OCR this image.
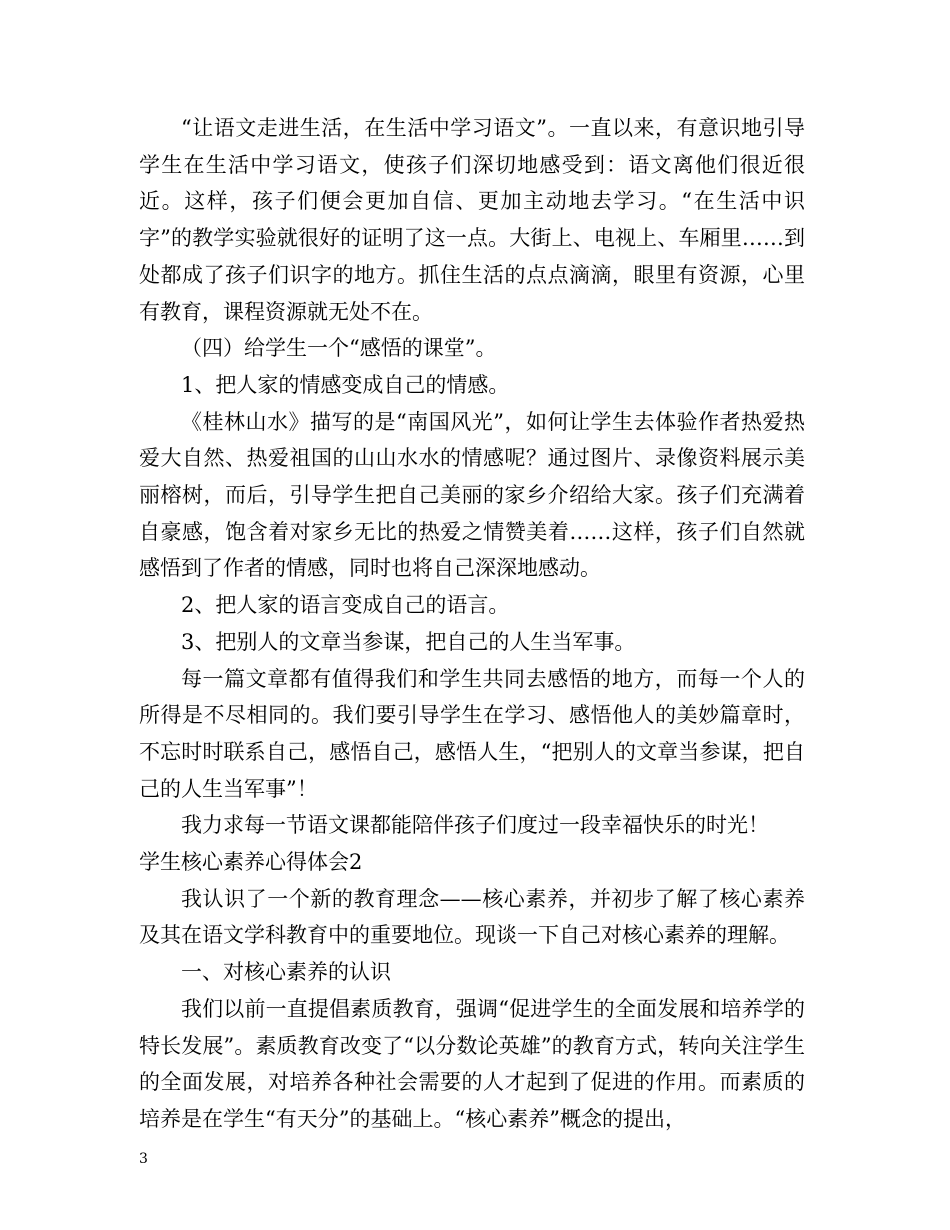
“让语文走进生活，在生活中学习语文”。一直以来，有意识地引导学生在生活中学习语文，使孩子们深切地感受到：语文离他们很近很近。这样，孩子们便会更加自信、更加主动地去学习。“在生活中识字”的教学实验就很好的证明了这一点。大街上、电视上、车厢里……到处都成了孩子们识字的地方。抓住生活的点点滴滴，眼里有资源，心里有教育，课程资源就无处不在。

（四）给学生一个“感悟的课堂”。

1、把人家的情感变成自己的情感。

《桂林山水》描写的是“南国风光”，如何让学生去体验作者热爱热爱大自然、热爱祖国的山山水水的情感呢？通过图片、录像资料展示美丽榕树，而后，引导学生把自己美丽的家乡介绍给大家。孩子们充满着自豪感，饱含着对家乡无比的热爱之情赞美着……这样，孩子们自然就感悟到了作者的情感，同时也将自己深深地感动。

2、把人家的语言变成自己的语言。

3、把别人的文章当参谋，把自己的人生当军事。

每一篇文章都有值得我们和学生共同去感悟的地方，而每一个人的所得是不尽相同的。我们要引导学生在学习、感悟他人的美妙篇章时，不忘时时联系自己，感悟自己，感悟人生，“把别人的文章当参谋，把自己的人生当军事”！

我力求每一节语文课都能陪伴孩子们度过一段幸福快乐的时光！

学生核心素养心得体会2

我认识了一个新的教育理念——核心素养，并初步了解了核心素养及其在语文学科教育中的重要地位。现谈一下自己对核心素养的理解。

一、对核心素养的认识

我们以前一直提倡素质教育，强调“促进学生的全面发展和培养学的特长发展”。素质教育改变了“以分数论英雄”的教育方式，转向关注学生的全面发展，对培养各种社会需要的人才起到了促进的作用。而素质的培养是在学生“有天分”的基础上。“核心素养”概念的提出，

3
